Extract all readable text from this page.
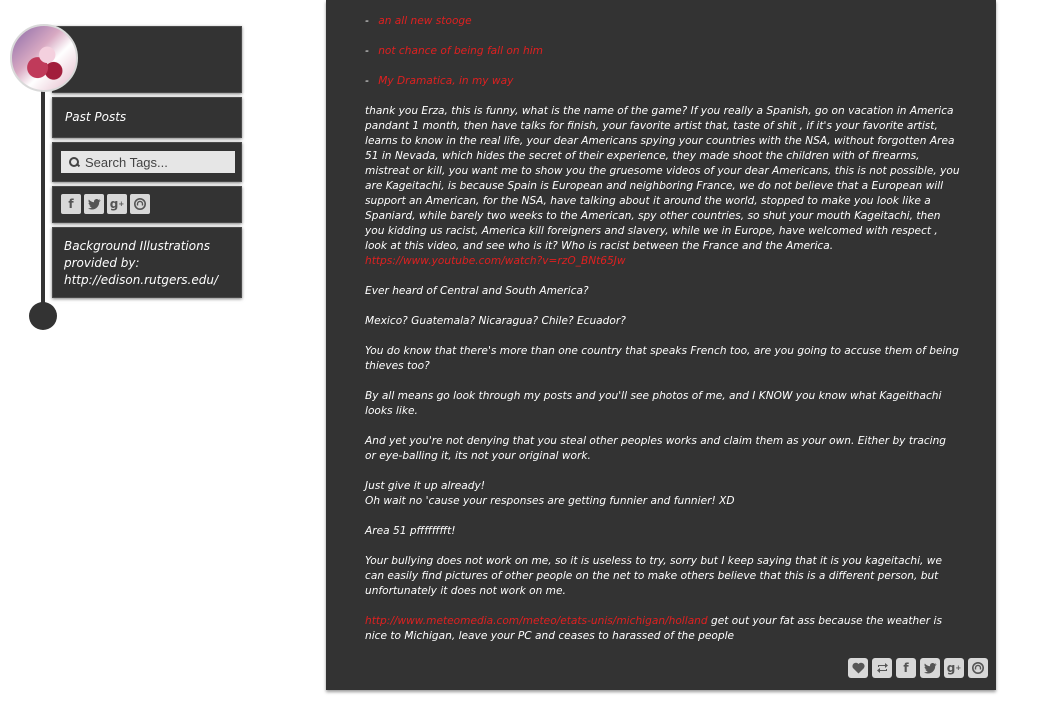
Past Posts
Search Tags...
f	g +
Background Illustrations provided by: http://edison.rutgers.edu/
- an all new stooge
- not chance of being fall on him
- My Dramatica, in my way

thank you Erza, this is funny, what is the name of the game? If you really a Spanish, go on vacation in America pandant 1 month, then have talks for finish, your favorite artist that, taste of shit , if it's your favorite artist, learns to know in the real life, your dear Americans spying your countries with the NSA, without forgotten Area 51 in Nevada, which hides the secret of their experience, they made shoot the children with of firearms, mistreat or kill, you want me to show you the gruesome videos of your dear Americans, this is not possible, you are Kageitachi, is because Spain is European and neighboring France, we do not believe that a European will support an American, for the NSA, have talking about it around the world, stopped to make you look like a Spaniard, while barely two weeks to the American, spy other countries, so shut your mouth Kageitachi, then you kidding us racist, America kill foreigners and slavery, while we in Europe, have welcomed with respect , look at this video, and see who is it? Who is racist between the France and the America. https://www.youtube.com/watch?v=rzO_BNt65Jw

Ever heard of Central and South America?

Mexico? Guatemala? Nicaragua? Chile? Ecuador?

You do know that there's more than one country that speaks French too, are you going to accuse them of being thieves too?

By all means go look through my posts and you'll see photos of me, and I KNOW you know what Kageithachi looks like.

And yet you're not denying that you steal other peoples works and claim them as your own. Either by tracing or eye-balling it, its not your original work.

Just give it up already!
Oh wait no 'cause your responses are getting funnier and funnier! XD

Area 51 pfffffffft!

Your bullying does not work on me, so it is useless to try, sorry but I keep saying that it is you kageitachi, we can easily find pictures of other people on the net to make others believe that this is a different person, but unfortunately it does not work on me.

http://www.meteomedia.com/meteo/etats-unis/michigan/holland get out your fat ass because the weather is nice to Michigan, leave your PC and ceases to harassed of the people

f	g +
